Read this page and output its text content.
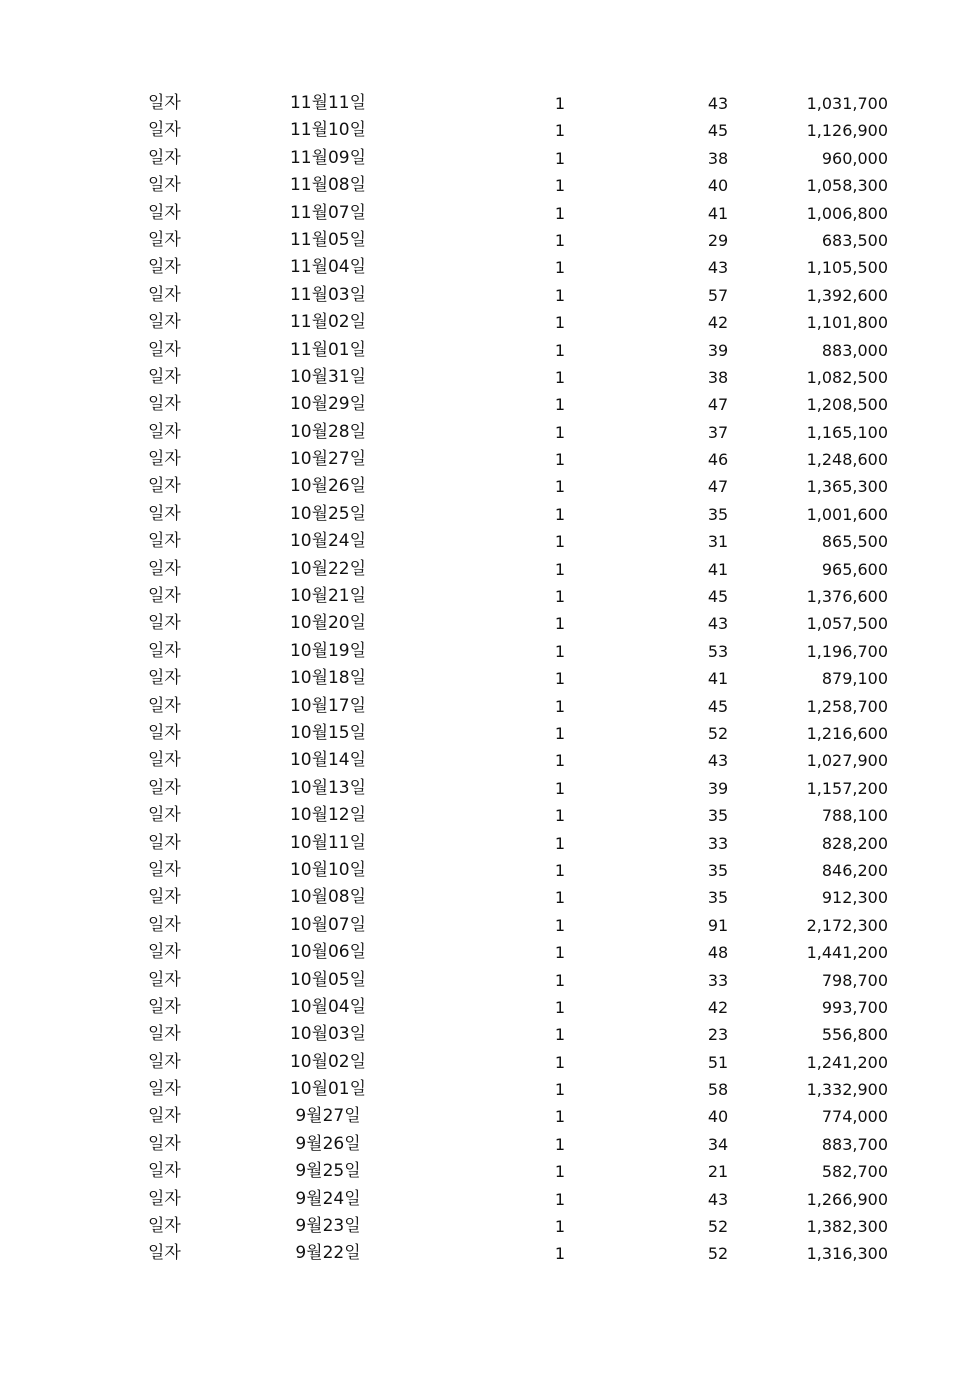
일자	11월11일	1	43	1,031,700
일자	11월10일	1	45	1,126,900
일자	11월09일	1	38	960,000
일자	11월08일	1	40	1,058,300
일자	11월07일	1	41	1,006,800
일자	11월05일	1	29	683,500
일자	11월04일	1	43	1,105,500
일자	11월03일	1	57	1,392,600
일자	11월02일	1	42	1,101,800
일자	11월01일	1	39	883,000
일자	10월31일	1	38	1,082,500
일자	10월29일	1	47	1,208,500
일자	10월28일	1	37	1,165,100
일자	10월27일	1	46	1,248,600
일자	10월26일	1	47	1,365,300
일자	10월25일	1	35	1,001,600
일자	10월24일	1	31	865,500
일자	10월22일	1	41	965,600
일자	10월21일	1	45	1,376,600
일자	10월20일	1	43	1,057,500
일자	10월19일	1	53	1,196,700
일자	10월18일	1	41	879,100
일자	10월17일	1	45	1,258,700
일자	10월15일	1	52	1,216,600
일자	10월14일	1	43	1,027,900
일자	10월13일	1	39	1,157,200
일자	10월12일	1	35	788,100
일자	10월11일	1	33	828,200
일자	10월10일	1	35	846,200
일자	10월08일	1	35	912,300
일자	10월07일	1	91	2,172,300
일자	10월06일	1	48	1,441,200
일자	10월05일	1	33	798,700
일자	10월04일	1	42	993,700
일자	10월03일	1	23	556,800
일자	10월02일	1	51	1,241,200
일자	10월01일	1	58	1,332,900
일자	9월27일	1	40	774,000
일자	9월26일	1	34	883,700
일자	9월25일	1	21	582,700
일자	9월24일	1	43	1,266,900
일자	9월23일	1	52	1,382,300
일자	9월22일	1	52	1,316,300
